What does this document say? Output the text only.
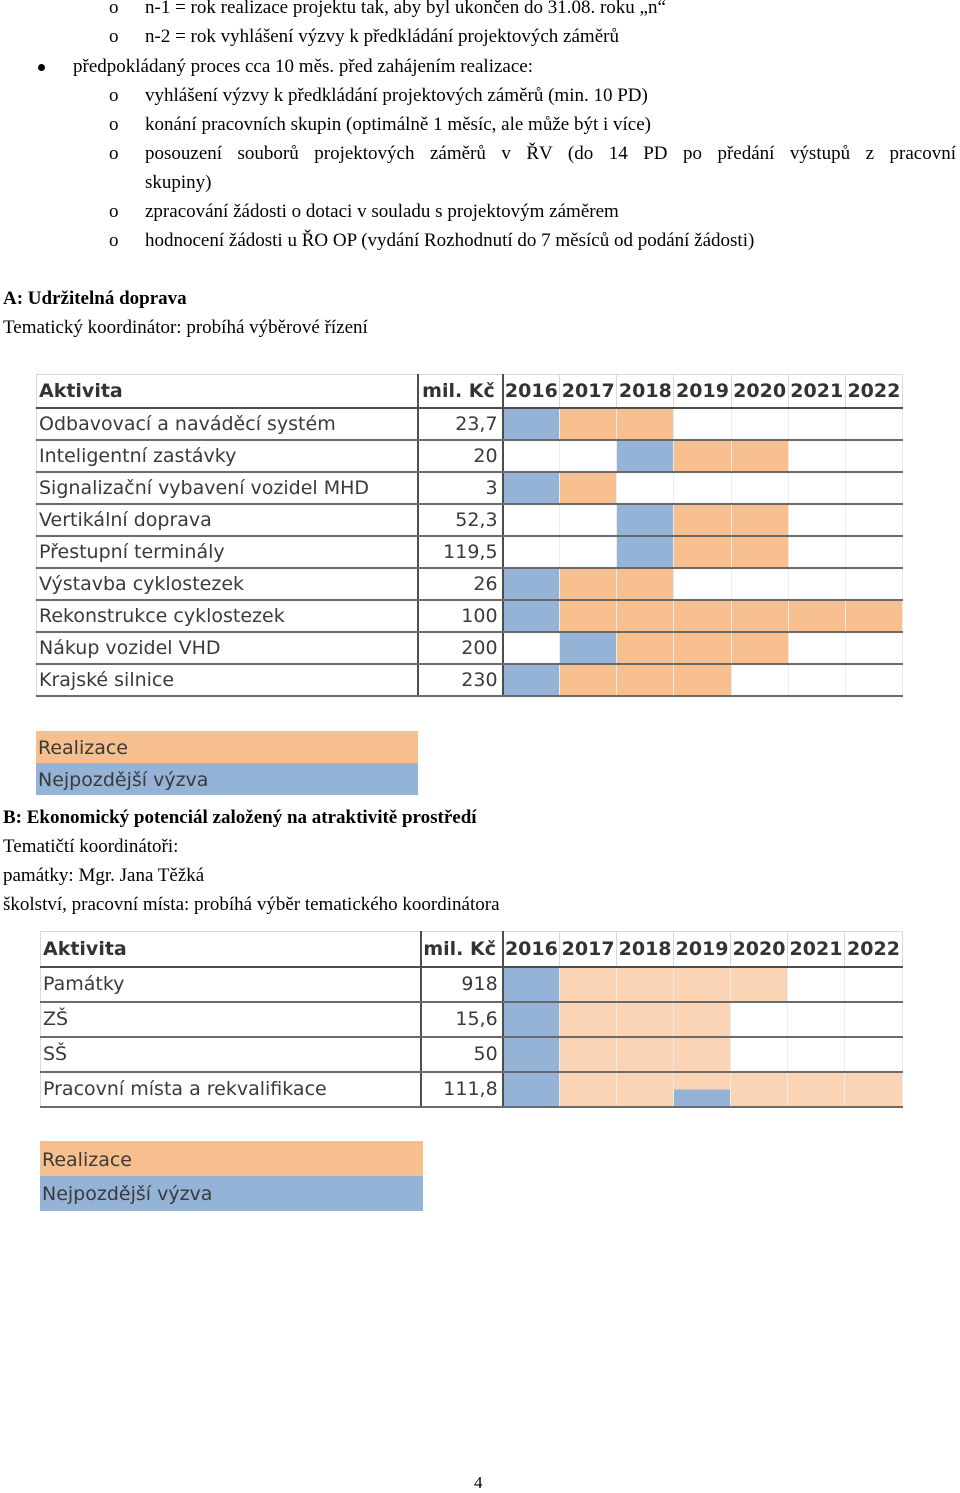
o n-1 = rok realizace projektu tak, aby byl ukončen do 31.08. roku „n“
o n-2 = rok vyhlášení výzvy k předkládání projektových záměrů
předpokládaný proces cca 10 měs. před zahájením realizace:
o vyhlášení výzvy k předkládání projektových záměrů (min. 10 PD)
o konání pracovních skupin (optimálně 1 měsíc, ale může být i více)
o posouzení souborů projektových záměrů v ŘV (do 14 PD po předání výstupů z pracovní
skupiny)
o zpracování žádosti o dotaci v souladu s projektovým záměrem
o hodnocení žádosti u ŘO OP (vydání Rozhodnutí do 7 měsíců od podání žádosti)
A: Udržitelná doprava
Tematický koordinátor: probíhá výběrové řízení
Aktivita	mil. Kč	2016	2017	2018	2019	2020	2021	2022
Odbavovací a naváděcí systém	23,7							
Inteligentní zastávky	20							
Signalizační vybavení vozidel MHD	3							
Vertikální doprava	52,3							
Přestupní terminály	119,5							
Výstavba cyklostezek	26							
Rekonstrukce cyklostezek	100							
Nákup vozidel VHD	200							
Krajské silnice	230							
Realizace
Nejpozdější výzva
B: Ekonomický potenciál založený na atraktivitě prostředí
Tematičtí koordinátoři:
památky: Mgr. Jana Těžká
školství, pracovní místa: probíhá výběr tematického koordinátora
Aktivita	mil. Kč	2016	2017	2018	2019	2020	2021	2022
Památky	918							
ZŠ	15,6							
SŠ	50							
Pracovní místa a rekvalifikace	111,8							
Realizace
Nejpozdější výzva
4
